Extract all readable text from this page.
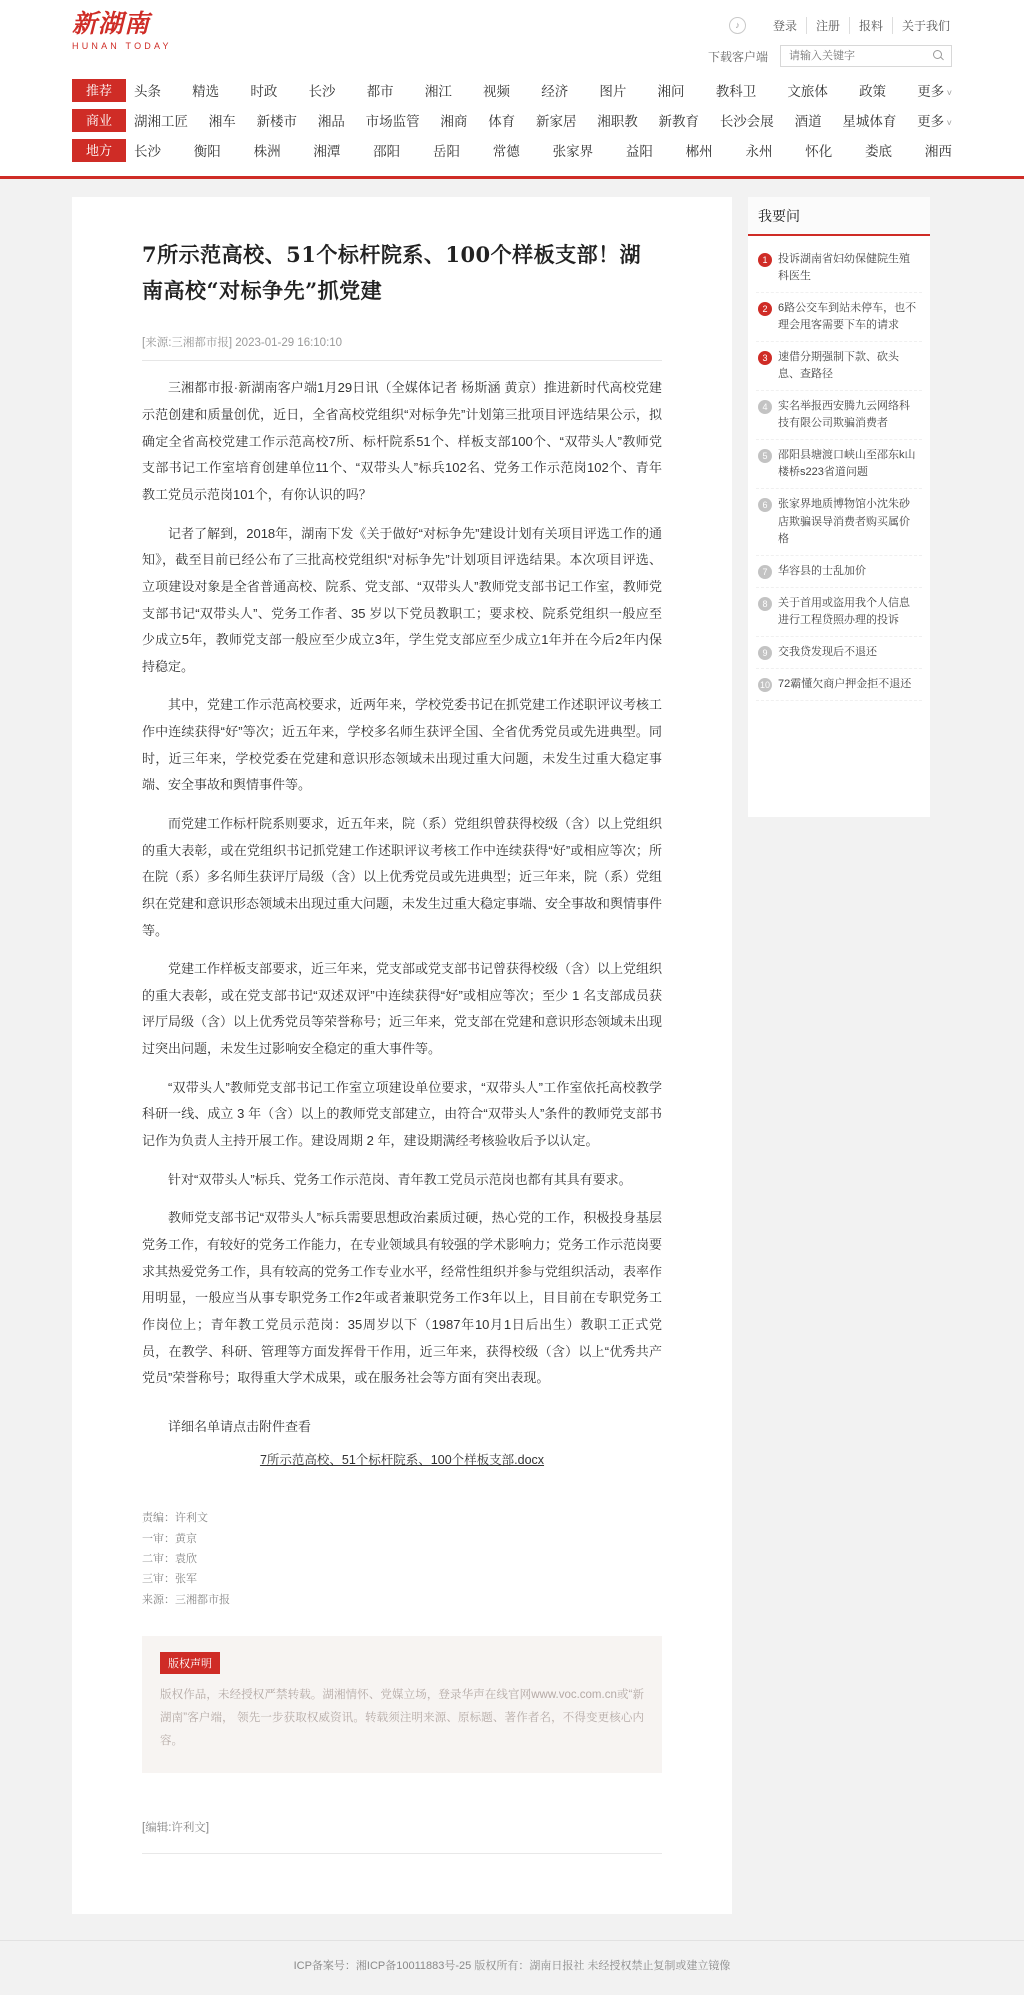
新湖南
HUNAN TODAY
♪	登录	注册	报料	关于我们
下载客户端
请输入关键字
推荐	头条 精选 时政 长沙 都市 湘江 视频 经济 图片 湘问 教科卫 文旅体 政策 更多 ˅
商业	湖湘工匠 湘车 新楼市 湘品 市场监管 湘商 体育 新家居 湘职教 新教育 长沙会展 酒道 星城体育 更多 ˅
地方	长沙 衡阳 株洲 湘潭 邵阳 岳阳 常德 张家界 益阳 郴州 永州 怀化 娄底 湘西
7所示范高校、51个标杆院系、100个样板支部！湖南高校“对标争先”抓党建
[来源:三湘都市报] 2023-01-29 16:10:10

三湘都市报·新湖南客户端1月29日讯（全媒体记者 杨斯涵 黄京）推进新时代高校党建示范创建和质量创优，近日，全省高校党组织“对标争先”计划第三批项目评选结果公示，拟确定全省高校党建工作示范高校7所、标杆院系51个、样板支部100个、“双带头人”教师党支部书记工作室培育创建单位11个、“双带头人”标兵102名、党务工作示范岗102个、青年教工党员示范岗101个，有你认识的吗？

记者了解到，2018年，湖南下发《关于做好“对标争先”建设计划有关项目评选工作的通知》，截至目前已经公布了三批高校党组织“对标争先”计划项目评选结果。本次项目评选、立项建设对象是全省普通高校、院系、党支部、“双带头人”教师党支部书记工作室，教师党支部书记“双带头人”、党务工作者、35 岁以下党员教职工；要求校、院系党组织一般应至少成立5年，教师党支部一般应至少成立3年，学生党支部应至少成立1年并在今后2年内保持稳定。

其中，党建工作示范高校要求，近两年来，学校党委书记在抓党建工作述职评议考核工作中连续获得“好”等次；近五年来，学校多名师生获评全国、全省优秀党员或先进典型。同时，近三年来，学校党委在党建和意识形态领域未出现过重大问题，未发生过重大稳定事端、安全事故和舆情事件等。

而党建工作标杆院系则要求，近五年来，院（系）党组织曾获得校级（含）以上党组织的重大表彰，或在党组织书记抓党建工作述职评议考核工作中连续获得“好”或相应等次；所在院（系）多名师生获评厅局级（含）以上优秀党员或先进典型；近三年来，院（系）党组织在党建和意识形态领域未出现过重大问题，未发生过重大稳定事端、安全事故和舆情事件等。

党建工作样板支部要求，近三年来，党支部或党支部书记曾获得校级（含）以上党组织的重大表彰，或在党支部书记“双述双评”中连续获得“好”或相应等次；至少 1 名支部成员获评厅局级（含）以上优秀党员等荣誉称号；近三年来，党支部在党建和意识形态领域未出现过突出问题，未发生过影响安全稳定的重大事件等。

“双带头人”教师党支部书记工作室立项建设单位要求，“双带头人”工作室依托高校教学科研一线、成立 3 年（含）以上的教师党支部建立，由符合“双带头人”条件的教师党支部书记作为负责人主持开展工作。建设周期 2 年，建设期满经考核验收后予以认定。

针对“双带头人”标兵、党务工作示范岗、青年教工党员示范岗也都有其具有要求。

教师党支部书记“双带头人”标兵需要思想政治素质过硬，热心党的工作，积极投身基层党务工作，有较好的党务工作能力，在专业领域具有较强的学术影响力；党务工作示范岗要求其热爱党务工作，具有较高的党务工作专业水平，经常性组织并参与党组织活动，表率作用明显，一般应当从事专职党务工作2年或者兼职党务工作3年以上，目目前在专职党务工作岗位上；青年教工党员示范岗：35周岁以下（1987年10月1日后出生）教职工正式党员，在教学、科研、管理等方面发挥骨干作用，近三年来，获得校级（含）以上“优秀共产党员”荣誉称号；取得重大学术成果，或在服务社会等方面有突出表现。

详细名单请点击附件查看
7所示范高校、51个标杆院系、100个样板支部.docx
责编：许利文
一审：黄京
二审：袁欣
三审：张军
来源：三湘都市报
版权声明
版权作品，未经授权严禁转载。湖湘情怀、党媒立场，登录华声在线官网www.voc.com.cn或“新湖南”客户端， 领先一步获取权威资讯。转载须注明来源、原标题、著作者名，不得变更核心内容。
[编辑:许利文]
我要问
1 投诉湖南省妇幼保健院生殖科医生
2 6路公交车到站未停车，也不理会甩客需要下车的请求
3 速借分期强制下款、砍头息、查路径
4 实名举报西安腾九云网络科技有限公司欺骗消费者
5 邵阳县塘渡口峡山至邵东k山楼桥s223省道问题
6 张家界地质博物馆小沈朱砂店欺骗误导消费者购买属价格
7 华容县的士乱加价
8 关于首用或盗用我个人信息进行工程贷照办理的投诉
9 交我贷发现后不退还
10 72霸懂欠商户押金拒不退还
ICP备案号：湘ICP备10011883号-25 版权所有：湖南日报社 未经授权禁止复制或建立镜像
